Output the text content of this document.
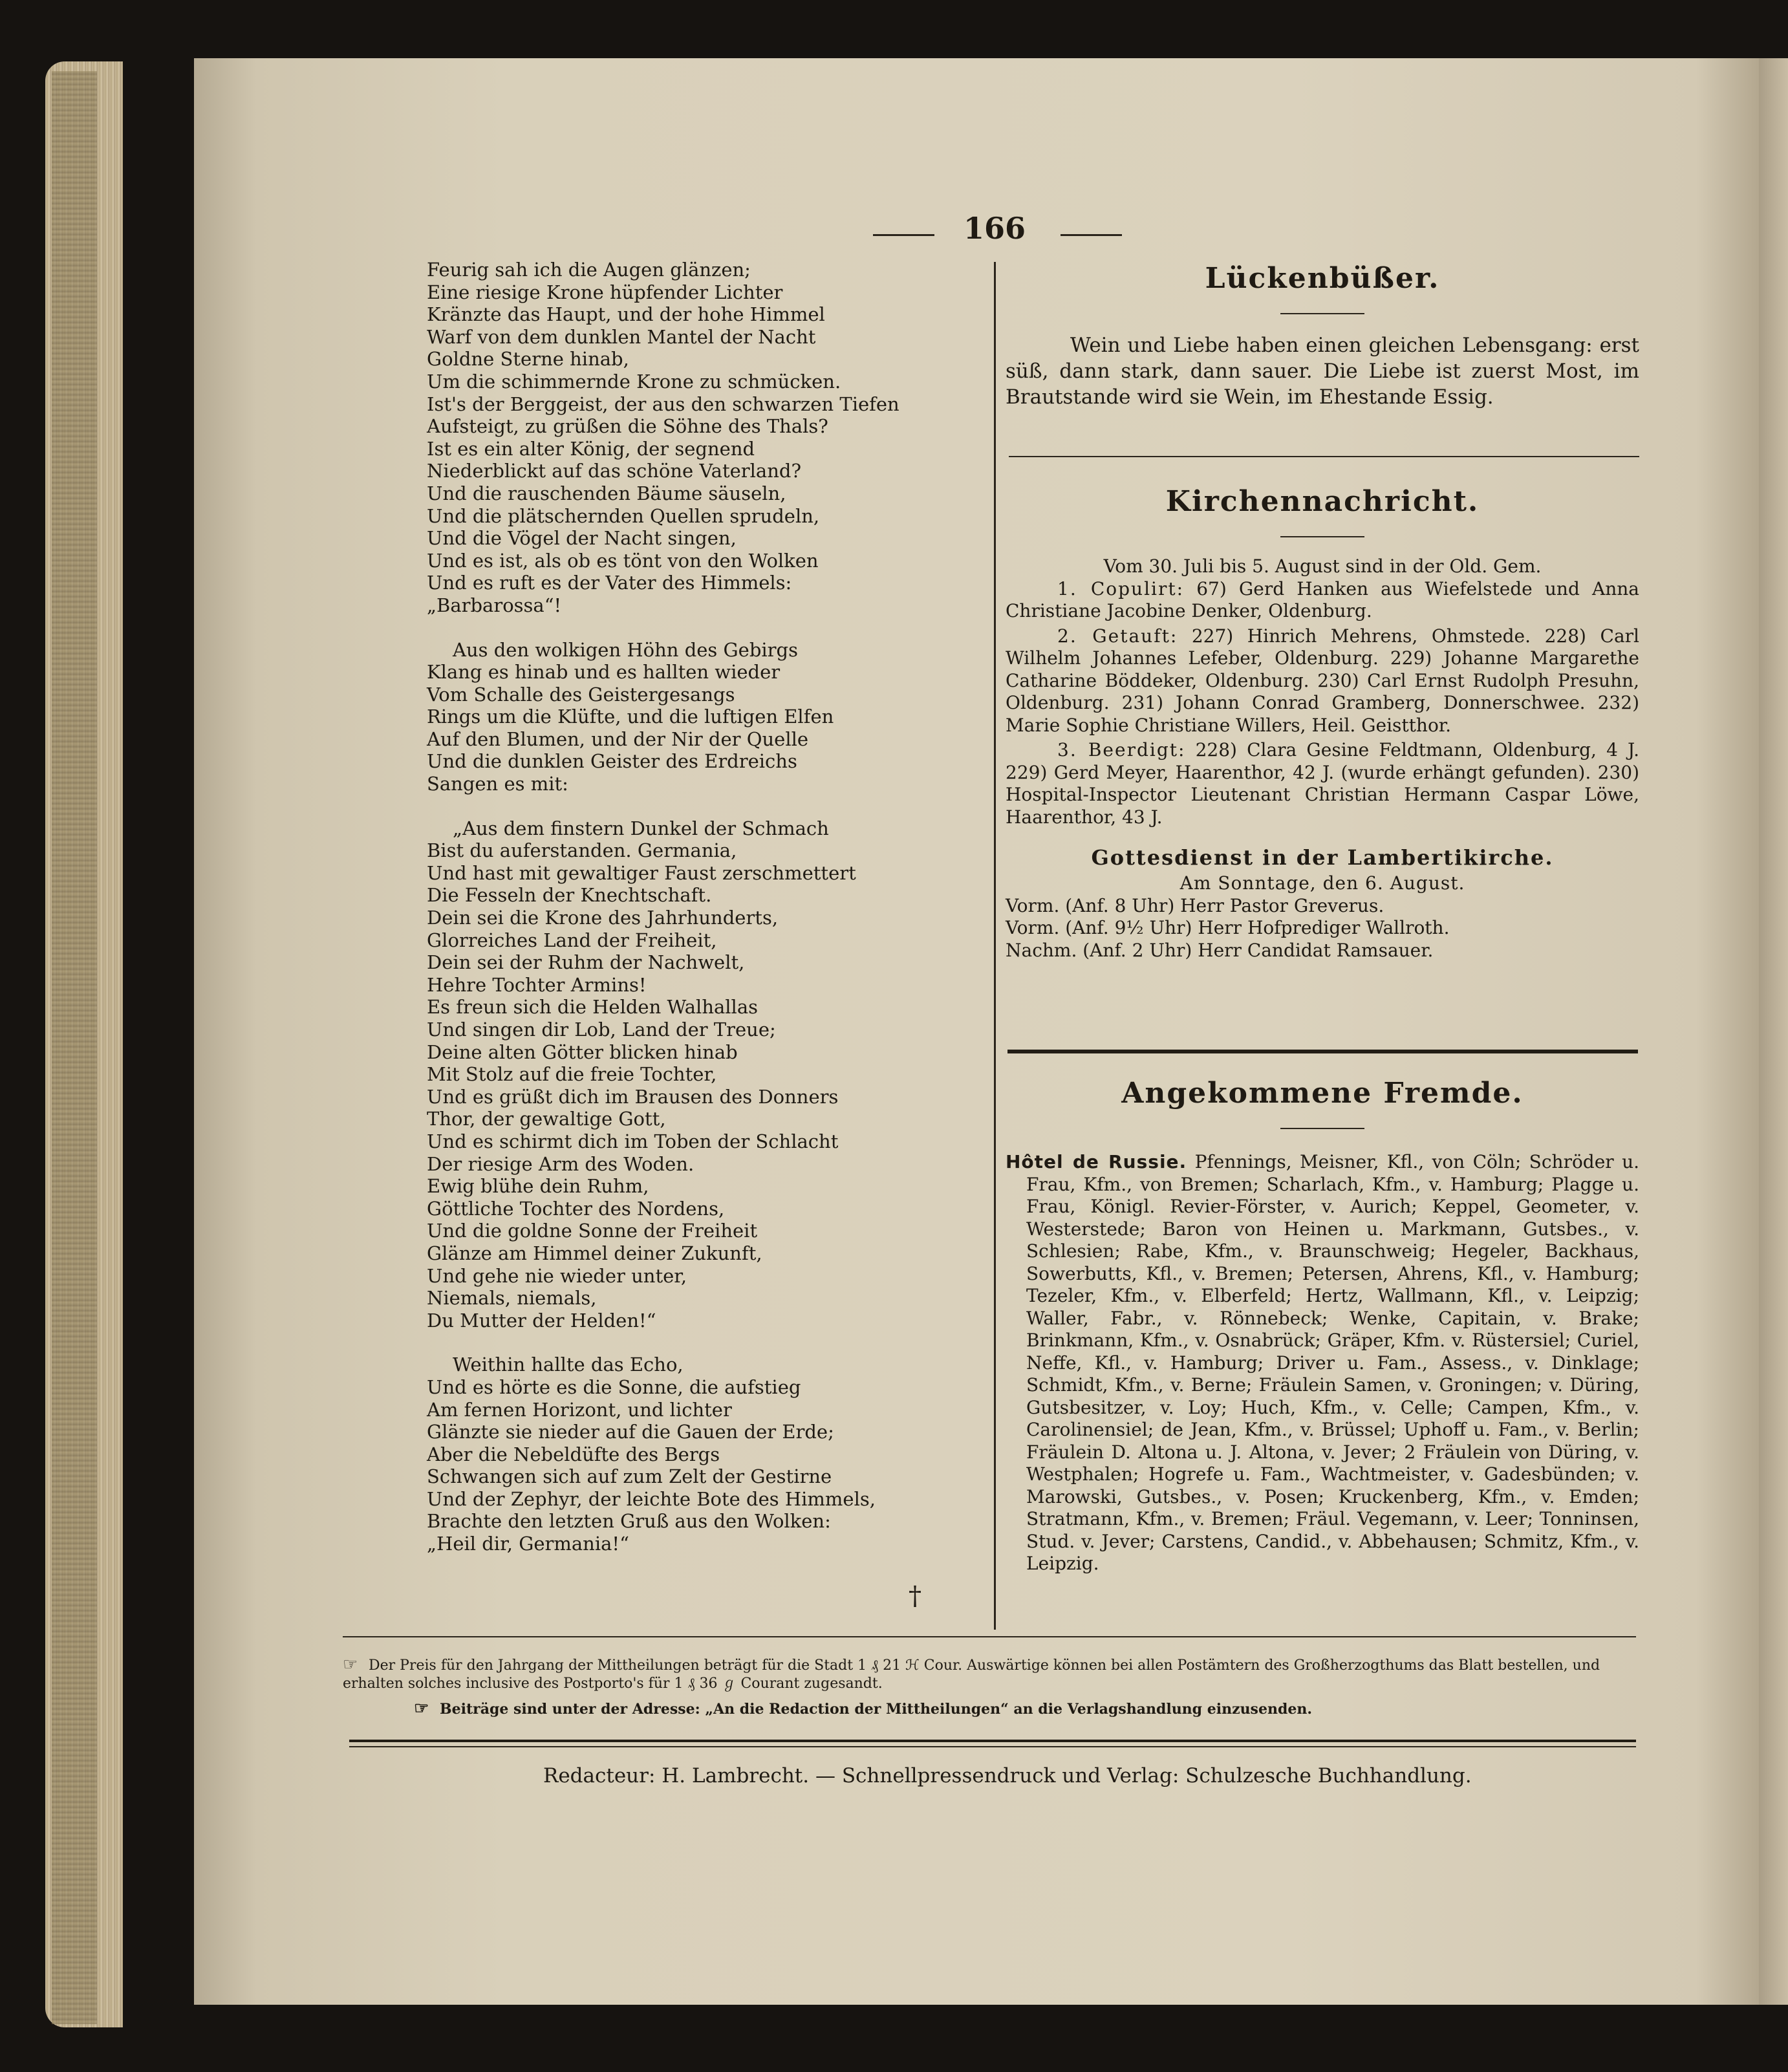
166
Feurig sah ich die Augen glänzen;
Eine riesige Krone hüpfender Lichter
Kränzte das Haupt, und der hohe Himmel
Warf von dem dunklen Mantel der Nacht
Goldne Sterne hinab,
Um die schimmernde Krone zu schmücken.
Ist's der Berggeist, der aus den schwarzen Tiefen
Aufsteigt, zu grüßen die Söhne des Thals?
Ist es ein alter König, der segnend
Niederblickt auf das schöne Vaterland?
Und die rauschenden Bäume säuseln,
Und die plätschernden Quellen sprudeln,
Und die Vögel der Nacht singen,
Und es ist, als ob es tönt von den Wolken
Und es ruft es der Vater des Himmels:
„Barbarossa“!
Aus den wolkigen Höhn des Gebirgs
Klang es hinab und es hallten wieder
Vom Schalle des Geistergesangs
Rings um die Klüfte, und die luftigen Elfen
Auf den Blumen, und der Nir der Quelle
Und die dunklen Geister des Erdreichs
Sangen es mit:
„Aus dem finstern Dunkel der Schmach
Bist du auferstanden. Germania,
Und hast mit gewaltiger Faust zerschmettert
Die Fesseln der Knechtschaft.
Dein sei die Krone des Jahrhunderts,
Glorreiches Land der Freiheit,
Dein sei der Ruhm der Nachwelt,
Hehre Tochter Armins!
Es freun sich die Helden Walhallas
Und singen dir Lob, Land der Treue;
Deine alten Götter blicken hinab
Mit Stolz auf die freie Tochter,
Und es grüßt dich im Brausen des Donners
Thor, der gewaltige Gott,
Und es schirmt dich im Toben der Schlacht
Der riesige Arm des Woden.
Ewig blühe dein Ruhm,
Göttliche Tochter des Nordens,
Und die goldne Sonne der Freiheit
Glänze am Himmel deiner Zukunft,
Und gehe nie wieder unter,
Niemals, niemals,
Du Mutter der Helden!“
Weithin hallte das Echo,
Und es hörte es die Sonne, die aufstieg
Am fernen Horizont, und lichter
Glänzte sie nieder auf die Gauen der Erde;
Aber die Nebeldüfte des Bergs
Schwangen sich auf zum Zelt der Gestirne
Und der Zephyr, der leichte Bote des Himmels,
Brachte den letzten Gruß aus den Wolken:
„Heil dir, Germania!“
†
Lückenbüßer.
Wein und Liebe haben einen gleichen Lebensgang: erst süß, dann stark, dann sauer. Die Liebe ist zuerst Most, im Brautstande wird sie Wein, im Ehestande Essig.
Kirchennachricht.
Vom 30. Juli bis 5. August sind in der Old. Gem.
1. Copulirt: 67) Gerd Hanken aus Wiefelstede und Anna Christiane Jacobine Denker, Oldenburg.
2. Getauft: 227) Hinrich Mehrens, Ohmstede. 228) Carl Wilhelm Johannes Lefeber, Oldenburg. 229) Johanne Margarethe Catharine Böddeker, Oldenburg. 230) Carl Ernst Rudolph Presuhn, Oldenburg. 231) Johann Conrad Gramberg, Donnerschwee. 232) Marie Sophie Christiane Willers, Heil. Geistthor.
3. Beerdigt: 228) Clara Gesine Feldtmann, Oldenburg, 4 J. 229) Gerd Meyer, Haarenthor, 42 J. (wurde erhängt gefunden). 230) Hospital-Inspector Lieutenant Christian Hermann Caspar Löwe, Haarenthor, 43 J.
Gottesdienst in der Lambertikirche.
Am Sonntage, den 6. August.
Vorm. (Anf. 8 Uhr) Herr Pastor Greverus.
Vorm. (Anf. 9½ Uhr) Herr Hofprediger Wallroth.
Nachm. (Anf. 2 Uhr) Herr Candidat Ramsauer.
Angekommene Fremde.
Hôtel de Russie. Pfennings, Meisner, Kfl., von Cöln; Schröder u. Frau, Kfm., von Bremen; Scharlach, Kfm., v. Hamburg; Plagge u. Frau, Königl. Revier-Förster, v. Aurich; Keppel, Geometer, v. Westerstede; Baron von Heinen u. Markmann, Gutsbes., v. Schlesien; Rabe, Kfm., v. Braunschweig; Hegeler, Backhaus, Sowerbutts, Kfl., v. Bremen; Petersen, Ahrens, Kfl., v. Hamburg; Tezeler, Kfm., v. Elberfeld; Hertz, Wallmann, Kfl., v. Leipzig; Waller, Fabr., v. Rönnebeck; Wenke, Capitain, v. Brake; Brinkmann, Kfm., v. Osnabrück; Gräper, Kfm. v. Rüstersiel; Curiel, Neffe, Kfl., v. Hamburg; Driver u. Fam., Assess., v. Dinklage; Schmidt, Kfm., v. Berne; Fräulein Samen, v. Groningen; v. Düring, Gutsbesitzer, v. Loy; Huch, Kfm., v. Celle; Campen, Kfm., v. Carolinensiel; de Jean, Kfm., v. Brüssel; Uphoff u. Fam., v. Berlin; Fräulein D. Altona u. J. Altona, v. Jever; 2 Fräulein von Düring, v. Westphalen; Hogrefe u. Fam., Wachtmeister, v. Gadesbünden; v. Marowski, Gutsbes., v. Posen; Kruckenberg, Kfm., v. Emden; Stratmann, Kfm., v. Bremen; Fräul. Vegemann, v. Leer; Tonninsen, Stud. v. Jever; Carstens, Candid., v. Abbehausen; Schmitz, Kfm., v. Leipzig.
☞ Der Preis für den Jahrgang der Mittheilungen beträgt für die Stadt 1 ₰ 21 ℋ Cour. Auswärtige können bei allen Postämtern des Großherzogthums das Blatt bestellen, und erhalten solches inclusive des Postporto's für 1 ₰ 36 ℊ Courant zugesandt.
☞ Beiträge sind unter der Adresse: „An die Redaction der Mittheilungen“ an die Verlagshandlung einzusenden.
Redacteur: H. Lambrecht. — Schnellpressendruck und Verlag: Schulzesche Buchhandlung.
